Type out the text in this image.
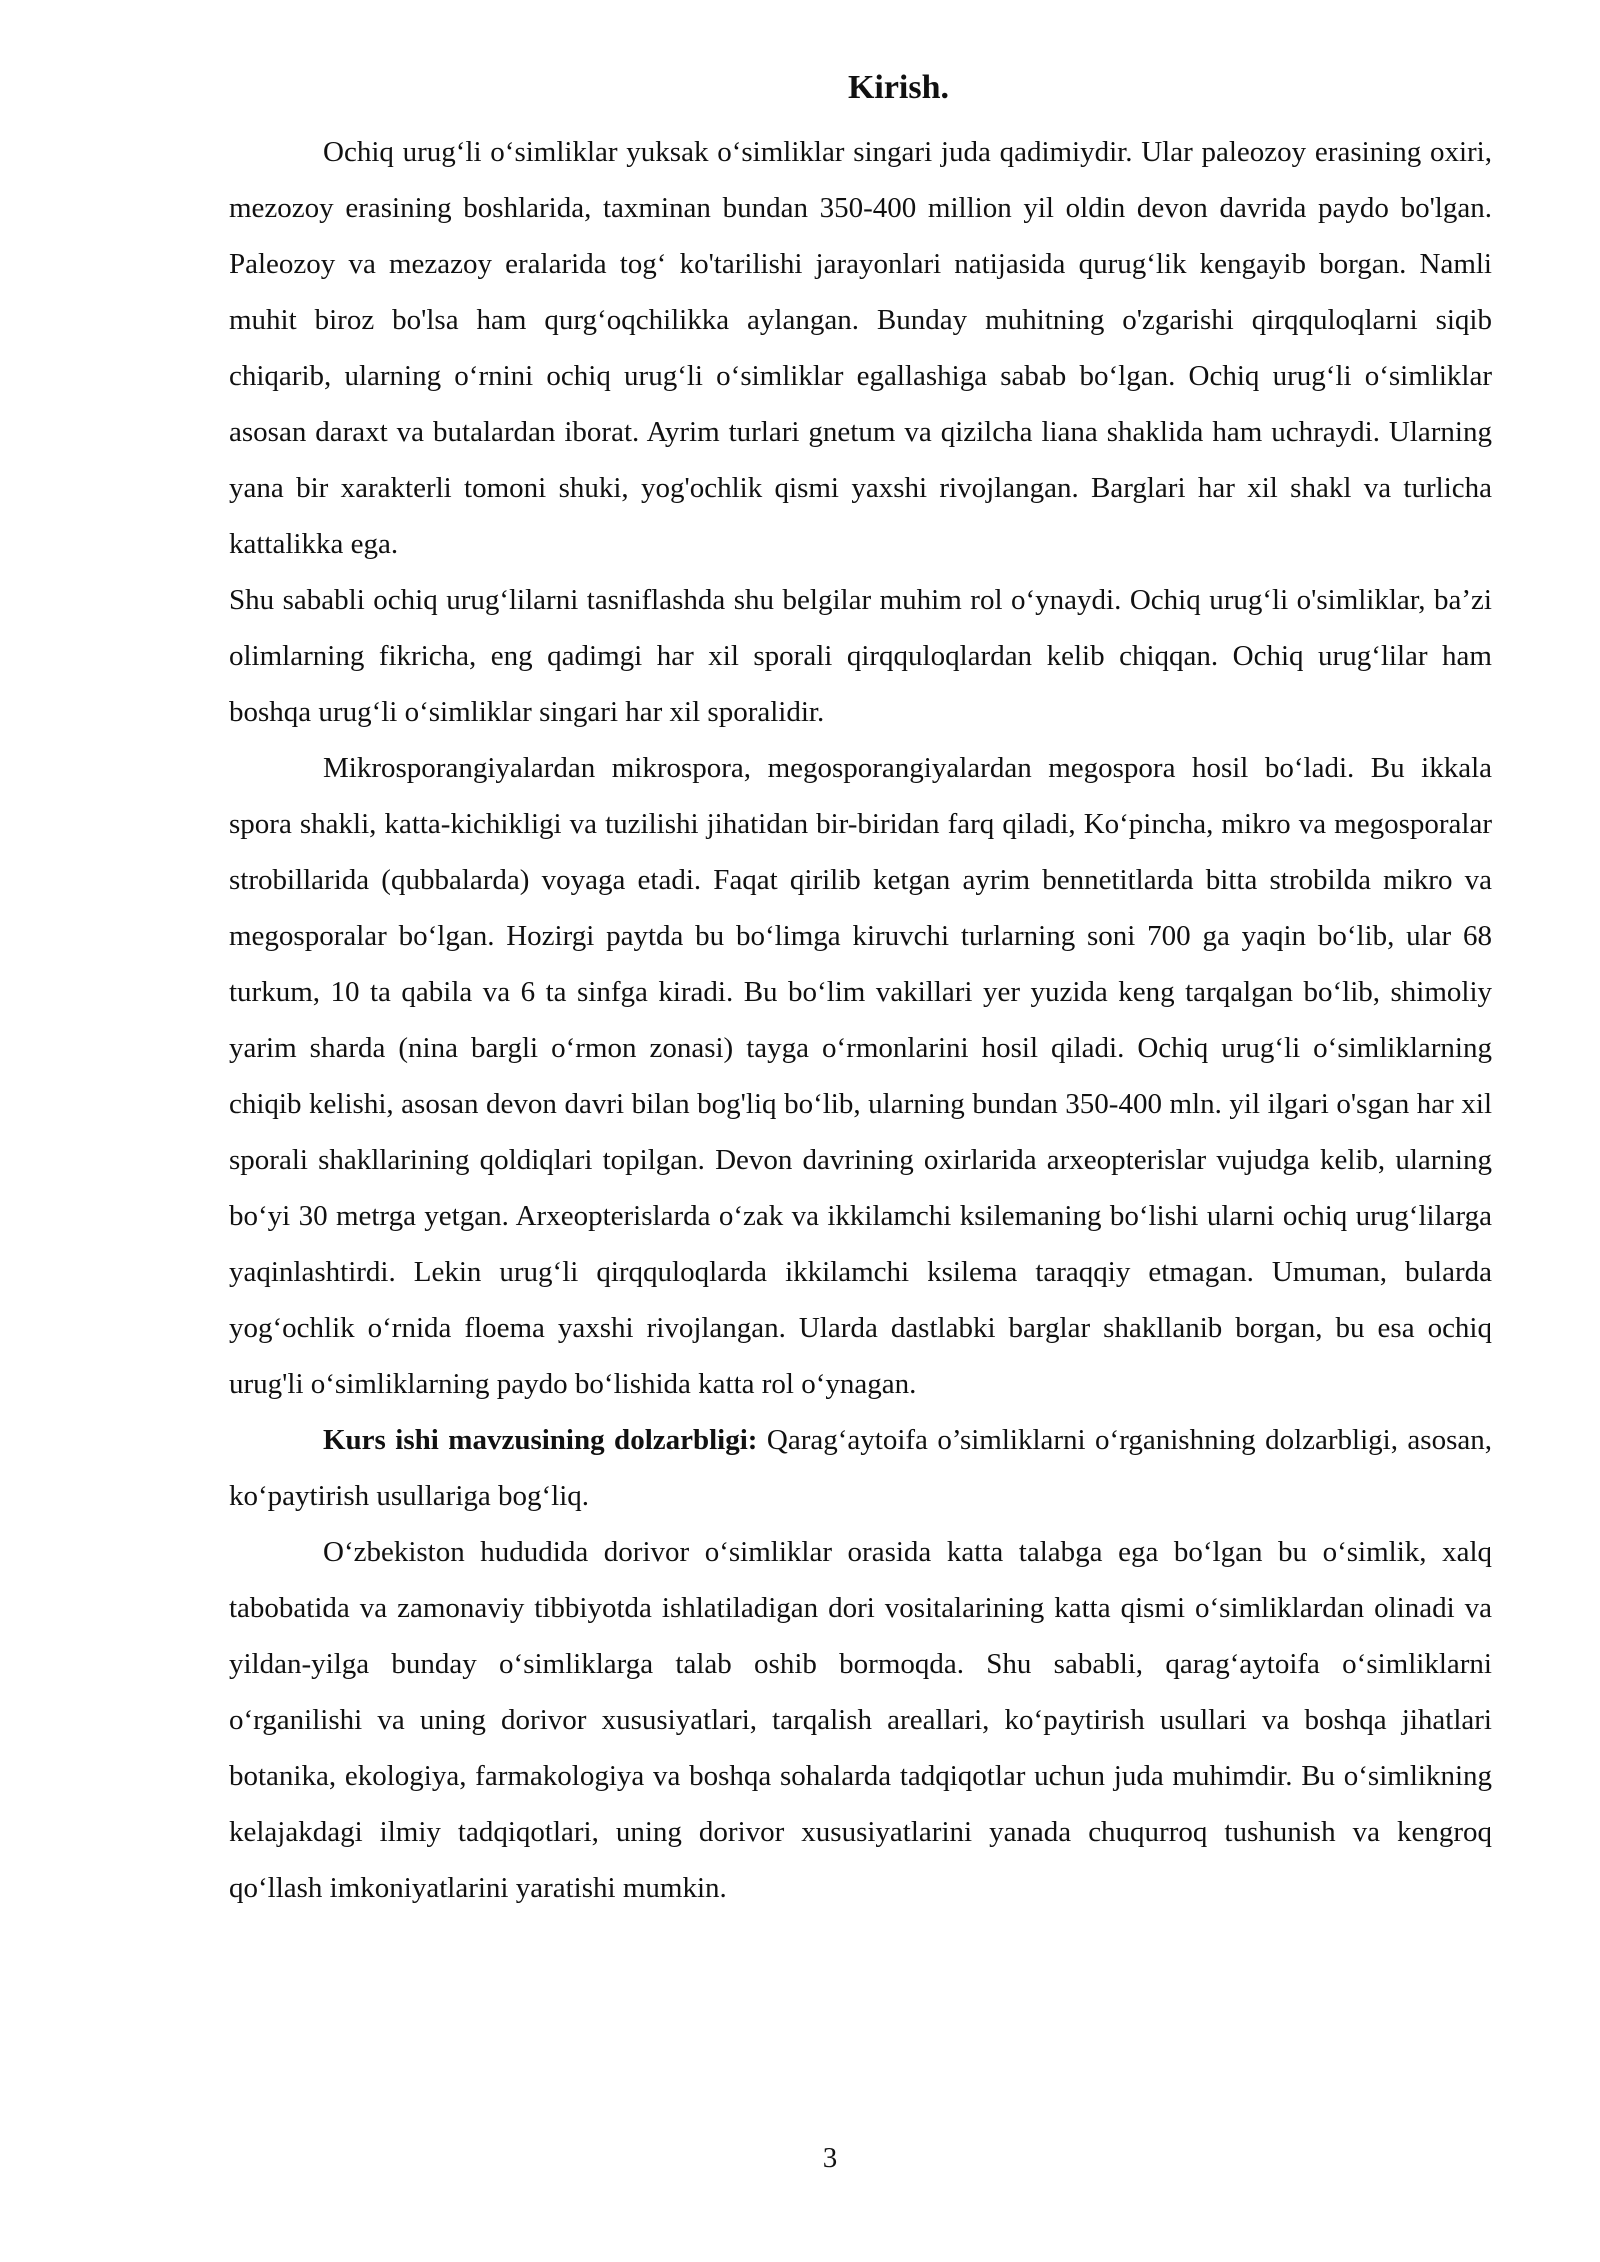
Kirish.

Ochiq urug‘li o‘simliklar yuksak o‘simliklar singari juda qadimiydir. Ular paleozoy erasining oxiri, mezozoy erasining boshlarida, taxminan bundan 350-400 million yil oldin devon davrida paydo bo'lgan. Paleozoy va mezazoy eralarida tog‘ ko'tarilishi jarayonlari natijasida qurug‘lik kengayib borgan. Namli muhit biroz bo'lsa ham qurg‘oqchilikka aylangan. Bunday muhitning o'zgarishi qirqquloqlarni siqib chiqarib, ularning o‘rnini ochiq urug‘li o‘simliklar egallashiga sabab bo‘lgan. Ochiq urug‘li o‘simliklar asosan daraxt va butalardan iborat. Ayrim turlari gnetum va qizilcha liana shaklida ham uchraydi. Ularning yana bir xarakterli tomoni shuki, yog'ochlik qismi yaxshi rivojlangan. Barglari har xil shakl va turlicha kattalikka ega.

Shu sababli ochiq urug‘lilarni tasniflashda shu belgilar muhim rol o‘ynaydi. Ochiq urug‘li o'simliklar, ba’zi olimlarning fikricha, eng qadimgi har xil sporali qirqquloqlardan kelib chiqqan. Ochiq urug‘lilar ham boshqa urug‘li o‘simliklar singari har xil sporalidir.

Mikrosporangiyalardan mikrospora, megosporangiyalardan megospora hosil bo‘ladi. Bu ikkala spora shakli, katta-kichikligi va tuzilishi jihatidan bir-biridan farq qiladi, Ko‘pincha, mikro va megosporalar strobillarida (qubbalarda) voyaga etadi. Faqat qirilib ketgan ayrim bennetitlarda bitta strobilda mikro va megosporalar bo‘lgan. Hozirgi paytda bu bo‘limga kiruvchi turlarning soni 700 ga yaqin bo‘lib, ular 68 turkum, 10 ta qabila va 6 ta sinfga kiradi. Bu bo‘lim vakillari yer yuzida keng tarqalgan bo‘lib, shimoliy yarim sharda (nina bargli o‘rmon zonasi) tayga o‘rmonlarini hosil qiladi. Ochiq urug‘li o‘simliklarning chiqib kelishi, asosan devon davri bilan bog'liq bo‘lib, ularning bundan 350-400 mln. yil ilgari o'sgan har xil sporali shakllarining qoldiqlari topilgan. Devon davrining oxirlarida arxeopterislar vujudga kelib, ularning bo‘yi 30 metrga yetgan. Arxeopterislarda o‘zak va ikkilamchi ksilemaning bo‘lishi ularni ochiq urug‘lilarga yaqinlashtirdi. Lekin urug‘li qirqquloqlarda ikkilamchi ksilema taraqqiy etmagan. Umuman, bularda yog‘ochlik o‘rnida floema yaxshi rivojlangan. Ularda dastlabki barglar shakllanib borgan, bu esa ochiq urug'li o‘simliklarning paydo bo‘lishida katta rol o‘ynagan.

Kurs ishi mavzusining dolzarbligi: Qarag‘aytoifa o’simliklarni o‘rganishning dolzarbligi, asosan, ko‘paytirish usullariga bog‘liq.

O‘zbekiston hududida dorivor o‘simliklar orasida katta talabga ega bo‘lgan bu o‘simlik, xalq tabobatida va zamonaviy tibbiyotda ishlatiladigan dori vositalarining katta qismi o‘simliklardan olinadi va yildan-yilga bunday o‘simliklarga talab oshib bormoqda. Shu sababli, qarag‘aytoifa o‘simliklarni o‘rganilishi va uning dorivor xususiyatlari, tarqalish areallari, ko‘paytirish usullari va boshqa jihatlari botanika, ekologiya, farmakologiya va boshqa sohalarda tadqiqotlar uchun juda muhimdir. Bu o‘simlikning kelajakdagi ilmiy tadqiqotlari, uning dorivor xususiyatlarini yanada chuqurroq tushunish va kengroq qo‘llash imkoniyatlarini yaratishi mumkin.

3
